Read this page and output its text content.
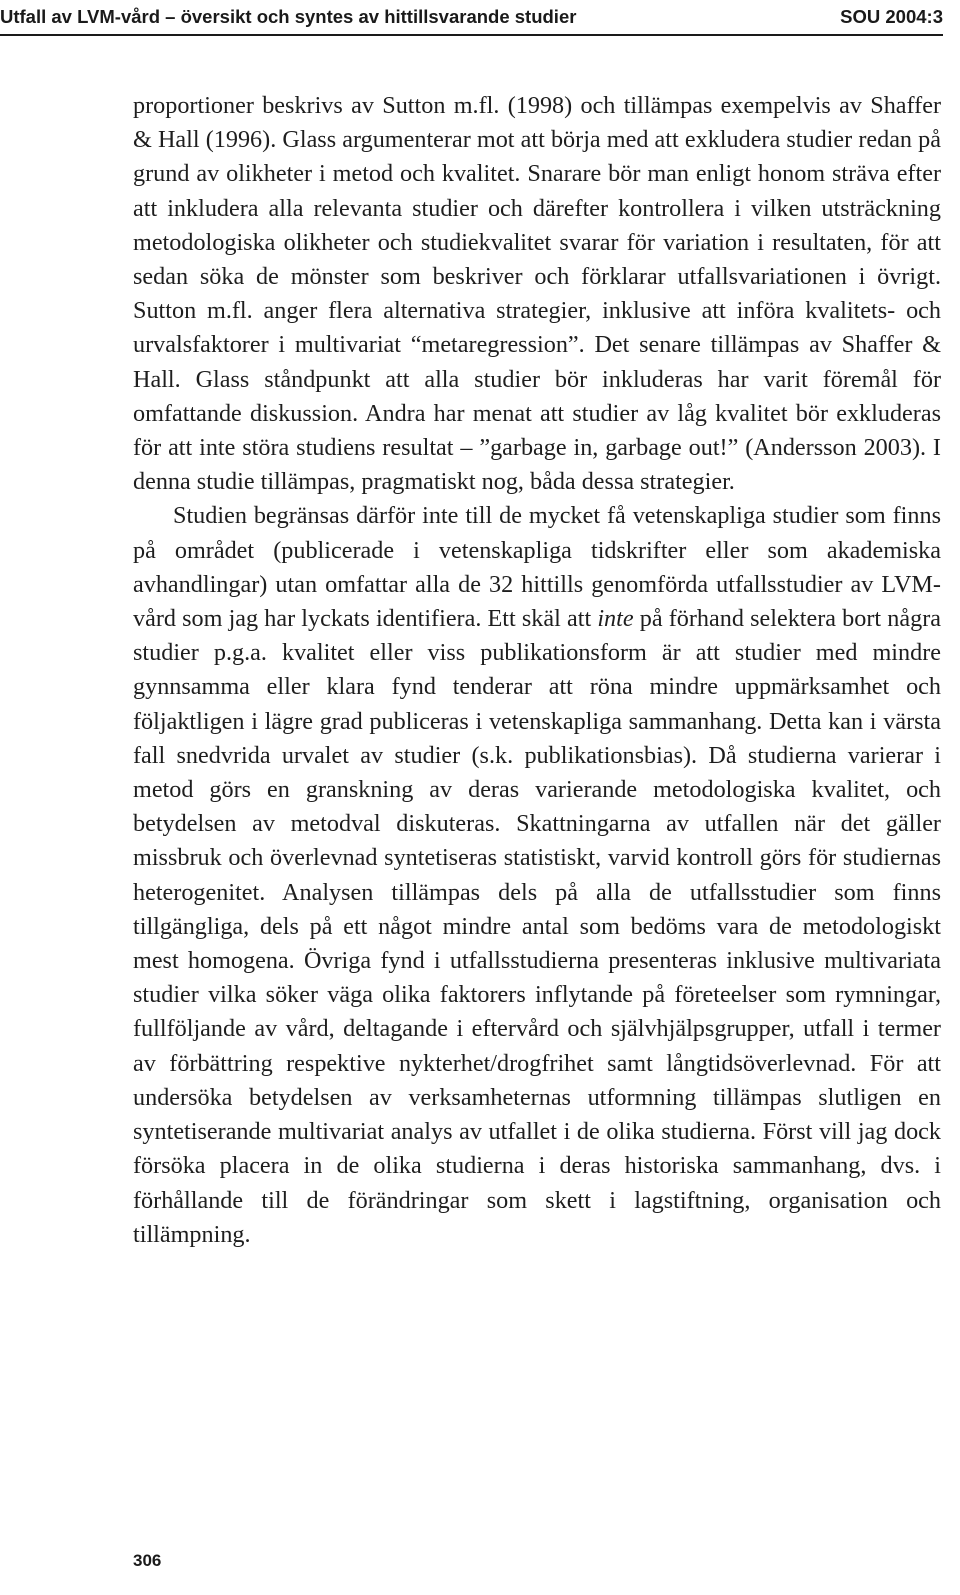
Utfall av LVM-vård – översikt och syntes av hittillsvarande studier	SOU 2004:3

proportioner beskrivs av Sutton m.fl. (1998) och tillämpas exempelvis av Shaffer & Hall (1996). Glass argumenterar mot att börja med att exkludera studier redan på grund av olikheter i metod och kvalitet. Snarare bör man enligt honom sträva efter att inkludera alla relevanta studier och därefter kontrollera i vilken utsträckning metodologiska olikheter och studiekvalitet svarar för variation i resultaten, för att sedan söka de mönster som beskriver och förklarar utfallsvariationen i övrigt. Sutton m.fl. anger flera alternativa strategier, inklusive att införa kvalitets- och urvalsfaktorer i multivariat “metaregression”. Det senare tillämpas av Shaffer & Hall. Glass ståndpunkt att alla studier bör inkluderas har varit föremål för omfattande diskussion. Andra har menat att studier av låg kvalitet bör exkluderas för att inte störa studiens resultat – ”garbage in, garbage out!” (Andersson 2003). I denna studie tillämpas, pragmatiskt nog, båda dessa strategier.

Studien begränsas därför inte till de mycket få vetenskapliga studier som finns på området (publicerade i vetenskapliga tidskrifter eller som akademiska avhandlingar) utan omfattar alla de 32 hittills genomförda utfallsstudier av LVM-vård som jag har lyckats identifiera. Ett skäl att inte på förhand selektera bort några studier p.g.a. kvalitet eller viss publikationsform är att studier med mindre gynnsamma eller klara fynd tenderar att röna mindre uppmärksamhet och följaktligen i lägre grad publiceras i vetenskapliga sammanhang. Detta kan i värsta fall snedvrida urvalet av studier (s.k. publikationsbias). Då studierna varierar i metod görs en granskning av deras varierande metodologiska kvalitet, och betydelsen av metodval diskuteras. Skattningarna av utfallen när det gäller missbruk och överlevnad syntetiseras statistiskt, varvid kontroll görs för studiernas heterogenitet. Analysen tillämpas dels på alla de utfallsstudier som finns tillgängliga, dels på ett något mindre antal som bedöms vara de metodologiskt mest homogena. Övriga fynd i utfallsstudierna presenteras inklusive multivariata studier vilka söker väga olika faktorers inflytande på företeelser som rymningar, fullföljande av vård, deltagande i eftervård och självhjälpsgrupper, utfall i termer av förbättring respektive nykterhet/drogfrihet samt långtidsöverlevnad. För att undersöka betydelsen av verksamheternas utformning tillämpas slutligen en syntetiserande multivariat analys av utfallet i de olika studierna. Först vill jag dock försöka placera in de olika studierna i deras historiska sammanhang, dvs. i förhållande till de förändringar som skett i lagstiftning, organisation och tillämpning.

306
